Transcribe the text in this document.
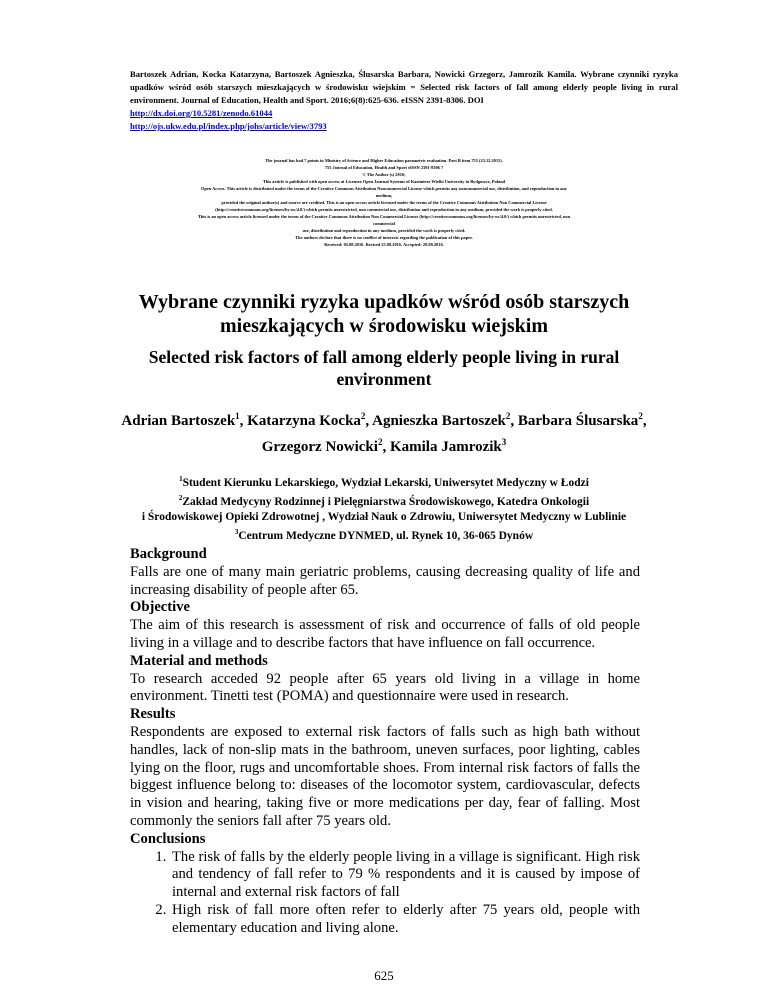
Bartoszek Adrian, Kocka Katarzyna, Bartoszek Agnieszka, Ślusarska Barbara, Nowicki Grzegorz, Jamrozik Kamila. Wybrane czynniki ryzyka upadków wśród osób starszych mieszkających w środowisku wiejskim = Selected risk factors of fall among elderly people living in rural environment. Journal of Education, Health and Sport. 2016;6(8):625-636. eISSN 2391-8306. DOI
http://dx.doi.org/10.5281/zenodo.61044
http://ojs.ukw.edu.pl/index.php/johs/article/view/3793
The journal has had 7 points in Ministry of Science and Higher Education parametric evaluation. Part B item 755 (23.12.2015).
755 Journal of Education, Health and Sport eISSN 2391-8306 7
© The Author (s) 2016;
This article is published with open access at Licensee Open Journal Systems of Kazimierz Wielki University in Bydgoszcz, Poland
Open Access. This article is distributed under the terms of the Creative Commons Attribution Noncommercial License which permits any noncommercial use, distribution, and reproduction in any
medium,
provided the original author(s) and source are credited. This is an open access article licensed under the terms of the Creative Commons Attribution Non Commercial License
(http://creativecommons.org/licenses/by-nc/4.0/) which permits unrestricted, non commercial use, distribution and reproduction in any medium, provided the work is properly cited.
This is an open access article licensed under the terms of the Creative Commons Attribution Non Commercial License (http://creativecommons.org/licenses/by-nc/4.0/) which permits unrestricted, non
commercial
use, distribution and reproduction in any medium, provided the work is properly cited.
The authors declare that there is no conflict of interests regarding the publication of this paper.
Received: 05.08.2016. Revised 25.08.2016. Accepted: 28.08.2016.
Wybrane czynniki ryzyka upadków wśród osób starszych mieszkających w środowisku wiejskim
Selected risk factors of fall among elderly people living in rural environment
Adrian Bartoszek$^1$, Katarzyna Kocka$^2$, Agnieszka Bartoszek$^2$, Barbara Ślusarska$^2$,
Grzegorz Nowicki$^2$, Kamila Jamrozik$^3$
$^1$Student Kierunku Lekarskiego, Wydział Lekarski, Uniwersytet Medyczny w Łodzi
$^2$Zakład Medycyny Rodzinnej i Pielęgniarstwa Środowiskowego, Katedra Onkologii
i Środowiskowej Opieki Zdrowotnej , Wydział Nauk o Zdrowiu, Uniwersytet Medyczny w Lublinie
$^3$Centrum Medyczne DYNMED, ul. Rynek 10, 36-065 Dynów
Background

Falls are one of many main geriatric problems, causing decreasing quality of life and increasing disability of people after 65.

Objective

The aim of this research is assessment of risk and occurrence of falls of old people living in a village and to describe factors that have influence on fall occurrence.

Material and methods

To research acceded 92 people after 65 years old living in a village in home environment. Tinetti test (POMA) and questionnaire were used in research.

Results

Respondents are exposed to external risk factors of falls such as high bath without handles, lack of non-slip mats in the bathroom, uneven surfaces, poor lighting, cables lying on the floor, rugs and uncomfortable shoes. From internal risk factors of falls the biggest influence belong to: diseases of the locomotor system, cardiovascular, defects in vision and hearing, taking five or more medications per day, fear of falling. Most commonly the seniors fall after 75 years old.

Conclusions
1. The risk of falls by the elderly people living in a village is significant. High risk and tendency of fall refer to 79 % respondents and it is caused by impose of internal and external risk factors of fall
2. High risk of fall more often refer to elderly after 75 years old, people with elementary education and living alone.
625
